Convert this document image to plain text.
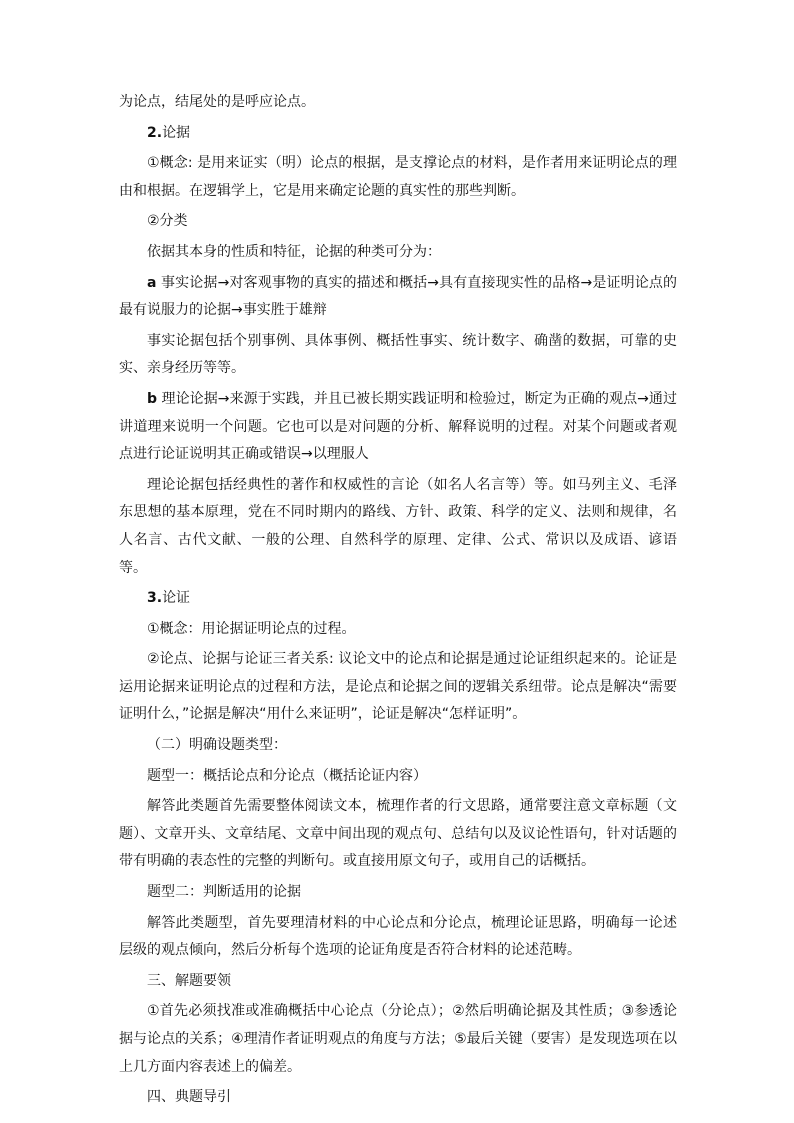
为论点，结尾处的是呼应论点。

2.论据

①概念: 是用来证实（明）论点的根据，是支撑论点的材料，是作者用来证明论点的理由和根据。在逻辑学上，它是用来确定论题的真实性的那些判断。

②分类

依据其本身的性质和特征，论据的种类可分为：

a 事实论据→对客观事物的真实的描述和概括→具有直接现实性的品格→是证明论点的最有说服力的论据→事实胜于雄辩

事实论据包括个别事例、具体事例、概括性事实、统计数字、确凿的数据，可靠的史实、亲身经历等等。

b 理论论据→来源于实践，并且已被长期实践证明和检验过，断定为正确的观点→通过讲道理来说明一个问题。它也可以是对问题的分析、解释说明的过程。对某个问题或者观点进行论证说明其正确或错误→以理服人

理论论据包括经典性的著作和权威性的言论（如名人名言等）等。如马列主义、毛泽东思想的基本原理，党在不同时期内的路线、方针、政策、科学的定义、法则和规律，名人名言、古代文献、一般的公理、自然科学的原理、定律、公式、常识以及成语、谚语等。

3.论证

①概念：用论据证明论点的过程。

②论点、论据与论证三者关系: 议论文中的论点和论据是通过论证组织起来的。论证是运用论据来证明论点的过程和方法，是论点和论据之间的逻辑关系纽带。论点是解决“需要证明什么，”论据是解决“用什么来证明”，论证是解决“怎样证明”。

（二）明确设题类型：

题型一：概括论点和分论点（概括论证内容）

解答此类题首先需要整体阅读文本，梳理作者的行文思路，通常要注意文章标题（文题）、文章开头、文章结尾、文章中间出现的观点句、总结句以及议论性语句，针对话题的带有明确的表态性的完整的判断句。或直接用原文句子，或用自己的话概括。

题型二：判断适用的论据

解答此类题型，首先要理清材料的中心论点和分论点，梳理论证思路，明确每一论述层级的观点倾向，然后分析每个选项的论证角度是否符合材料的论述范畴。

三、解题要领

①首先必须找准或准确概括中心论点（分论点）；②然后明确论据及其性质；③参透论据与论点的关系；④理清作者证明观点的角度与方法；⑤最后关键（要害）是发现选项在以上几方面内容表述上的偏差。

四、典题导引
